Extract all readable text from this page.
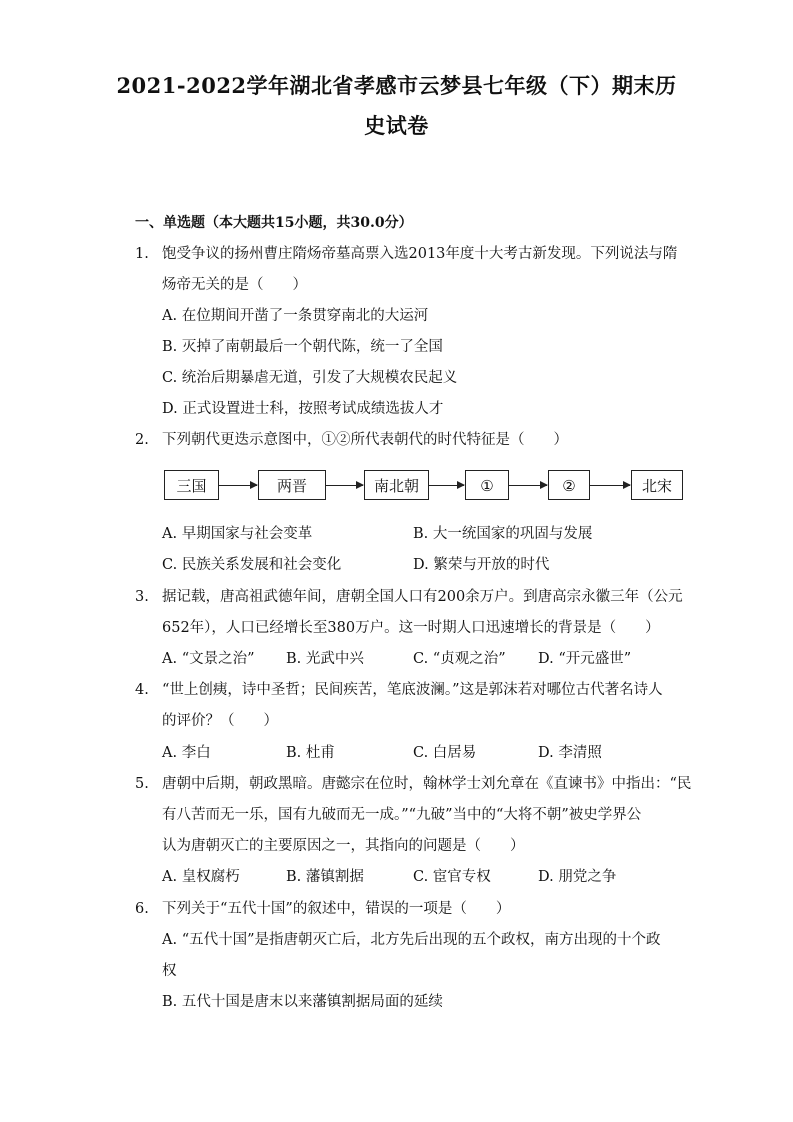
2021-2022学年湖北省孝感市云梦县七年级（下）期末历
史试卷
一、单选题（本大题共15小题，共30.0分）
1. 饱受争议的扬州曹庄隋炀帝墓高票入选2013年度十大考古新发现。下列说法与隋
炀帝无关的是（　　）
A. 在位期间开凿了一条贯穿南北的大运河
B. 灭掉了南朝最后一个朝代陈，统一了全国
C. 统治后期暴虐无道，引发了大规模农民起义
D. 正式设置进士科，按照考试成绩选拔人才
2. 下列朝代更迭示意图中，①②所代表朝代的时代特征是（　　）
三国	两晋	南北朝	①	②	北宋
A. 早期国家与社会变革	B. 大一统国家的巩固与发展
C. 民族关系发展和社会变化	D. 繁荣与开放的时代
3. 据记载，唐高祖武德年间，唐朝全国人口有200余万户。到唐高宗永徽三年（公元
652年），人口已经增长至380万户。这一时期人口迅速增长的背景是（　　）
A. “文景之治” B. 光武中兴	C. “贞观之治” D. “开元盛世”
4. “世上创痍，诗中圣哲；民间疾苦，笔底波澜。”这是郭沫若对哪位古代著名诗人
的评价？（　　）
A. 李白	B. 杜甫	C. 白居易	D. 李清照
5. 唐朝中后期，朝政黑暗。唐懿宗在位时，翰林学士刘允章在《直谏书》中指出：“民
有八苦而无一乐，国有九破而无一成。”“九破”当中的“大将不朝”被史学界公
认为唐朝灭亡的主要原因之一，其指向的问题是（　　）
A. 皇权腐朽	B. 藩镇割据	C. 宦官专权	D. 朋党之争
6. 下列关于“五代十国”的叙述中，错误的一项是（　　）
A. “五代十国”是指唐朝灭亡后，北方先后出现的五个政权，南方出现的十个政
权
B. 五代十国是唐末以来藩镇割据局面的延续
